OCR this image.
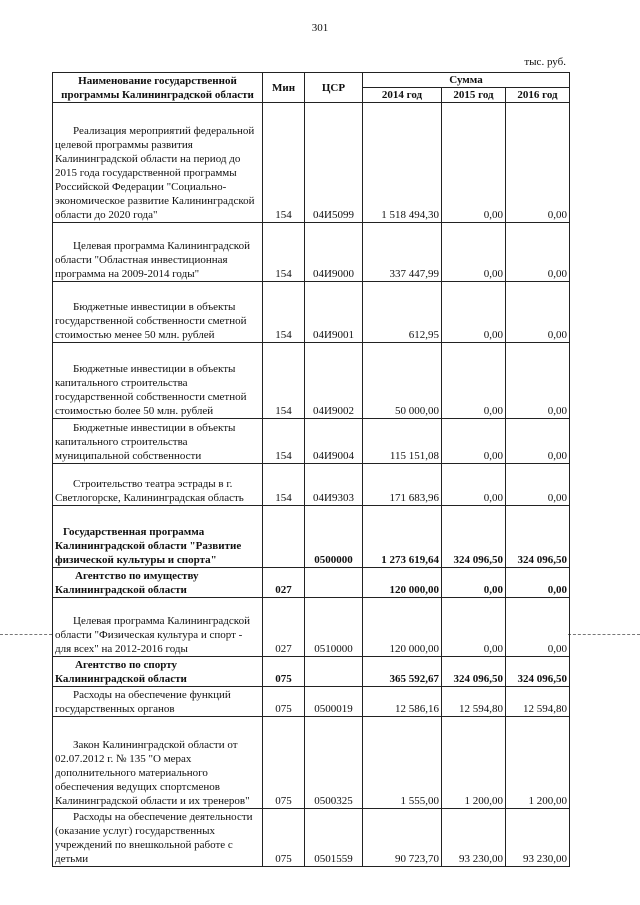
301
тыс. руб.
Наименование государственной программы Калининградской области	Мин	ЦСР	Сумма		
			2014 год	2015 год	2016 год

Реализация мероприятий федеральной целевой программы развития Калининградской области на период до 2015 года государственной программы Российской Федерации "Социально-экономическое развитие Калининградской области до 2020 года"	154	04И5099	1 518 494,30	0,00	0,00

Целевая программа Калининградской области "Областная инвестиционная программа на 2009-2014 годы"	154	04И9000	337 447,99	0,00	0,00

Бюджетные инвестиции в объекты государственной собственности сметной стоимостью менее 50 млн. рублей	154	04И9001	612,95	0,00	0,00

Бюджетные инвестиции в объекты капитального строительства государственной собственности сметной стоимостью более 50 млн. рублей	154	04И9002	50 000,00	0,00	0,00

Бюджетные инвестиции в объекты капитального строительства муниципальной собственности	154	04И9004	115 151,08	0,00	0,00

Строительство театра эстрады в г. Светлогорске, Калининградская область	154	04И9303	171 683,96	0,00	0,00

Государственная программа Калининградской области "Развитие физической культуры и спорта"		0500000	1 273 619,64	324 096,50	324 096,50

Агентство по имуществу Калининградской области	027		120 000,00	0,00	0,00

Целевая программа Калининградской области "Физическая культура и спорт - для всех" на 2012-2016 годы	027	0510000	120 000,00	0,00	0,00

Агентство по спорту Калининградской области	075		365 592,67	324 096,50	324 096,50

Расходы на обеспечение функций государственных органов	075	0500019	12 586,16	12 594,80	12 594,80

Закон Калининградской области от 02.07.2012 г. № 135 "О мерах дополнительного материального обеспечения ведущих спортсменов Калининградской области и их тренеров"	075	0500325	1 555,00	1 200,00	1 200,00

Расходы на обеспечение деятельности (оказание услуг) государственных учреждений по внешкольной работе с детьми	075	0501559	90 723,70	93 230,00	93 230,00
